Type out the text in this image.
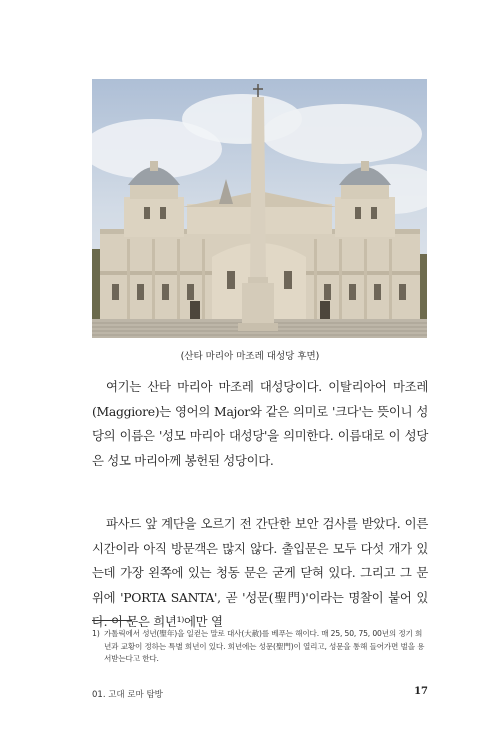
(산타 마리아 마조레 대성당 후면)

여기는 산타 마리아 마조레 대성당이다. 이탈리아어 마조레(Maggiore)는 영어의 Major와 같은 의미로 '크다'는 뜻이니 성당의 이름은 '성모 마리아 대성당'을 의미한다. 이름대로 이 성당은 성모 마리아께 봉헌된 성당이다.

파사드 앞 계단을 오르기 전 간단한 보안 검사를 받았다. 이른 시간이라 아직 방문객은 많지 않다. 출입문은 모두 다섯 개가 있는데 가장 왼쪽에 있는 청동 문은 굳게 닫혀 있다. 그리고 그 문 위에 'PORTA SANTA', 곧 '성문(聖門)'이라는 명찰이 붙어 있다. 이 문은 희년¹⁾에만 열

1) 가톨릭에서 성년(聖年)을 일컫는 말로 대사(大赦)를 베푸는 해이다. 매 25, 50, 75, 00년의 정기 희년과 교황이 정하는 특별 희년이 있다. 희년에는 성문(聖門)이 열리고, 성문을 통해 들어가면 벌을 용서받는다고 한다.
01. 고대 로마 탐방	17
